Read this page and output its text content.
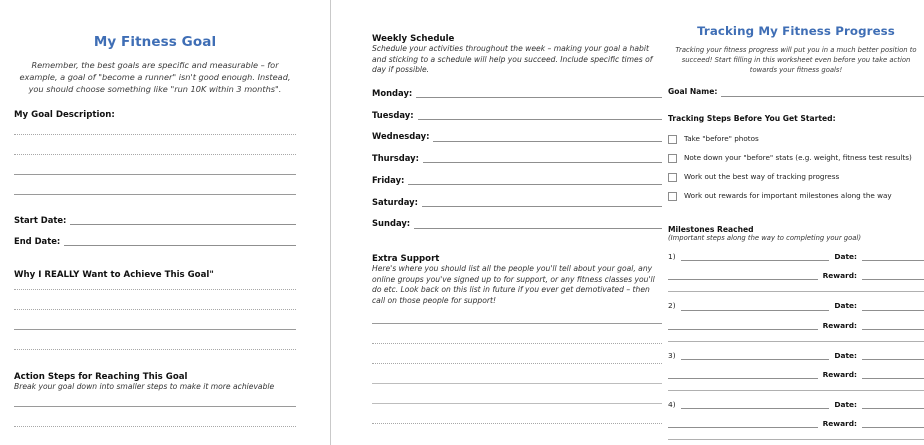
My Fitness Goal
Remember, the best goals are specific and measurable – for example, a goal of "become a runner" isn't good enough. Instead, you should choose something like "run 10K within 3 months".
My Goal Description:
Start Date:
End Date:
Why I REALLY Want to Achieve This Goal"
Action Steps for Reaching This Goal
Break your goal down into smaller steps to make it more achievable
Weekly Schedule
Schedule your activities throughout the week – making your goal a habit and sticking to a schedule will help you succeed. Include specific times of day if possible.
Monday:
Tuesday:
Wednesday:
Thursday:
Friday:
Saturday:
Sunday:
Extra Support
Here's where you should list all the people you'll tell about your goal, any online groups you've signed up to for support, or any fitness classes you'll do etc. Look back on this list in future if you ever get demotivated – then call on those people for support!
Tracking My Fitness Progress
Tracking your fitness progress will put you in a much better position to succeed! Start filling in this worksheet even before you take action towards your fitness goals!
Goal Name:
Tracking Steps Before You Get Started:
Take "before" photos
Note down your "before" stats (e.g. weight, fitness test results)
Work out the best way of tracking progress
Work out rewards for important milestones along the way
Milestones Reached
(Important steps along the way to completing your goal)
1)	Date:
Reward:
2)	Date:
Reward:
3)	Date:
Reward:
4)	Date:
Reward:
